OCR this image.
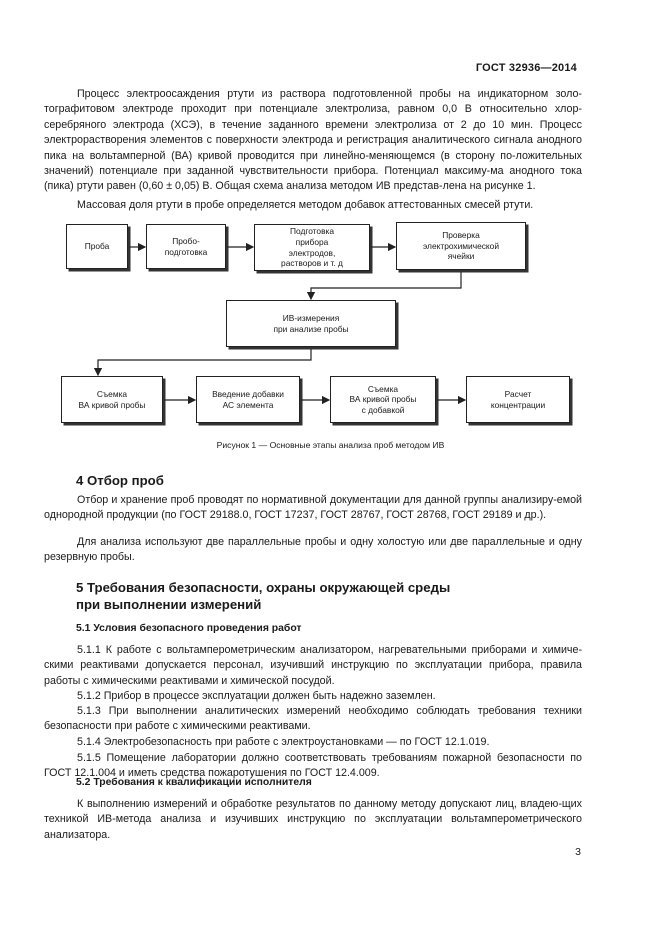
ГОСТ 32936—2014

Процесс электроосаждения ртути из раствора подготовленной пробы на индикаторном золо-тографитовом электроде проходит при потенциале электролиза, равном 0,0 В относительно хлор-серебряного электрода (ХСЭ), в течение заданного времени электролиза от 2 до 10 мин. Процесс электрорастворения элементов с поверхности электрода и регистрация аналитического сигнала анодного пика на вольтамперной (ВА) кривой проводится при линейно-меняющемся (в сторону по-ложительных значений) потенциале при заданной чувствительности прибора. Потенциал максиму-ма анодного тока (пика) ртути равен (0,60 ± 0,05) В. Общая схема анализа методом ИВ представ-лена на рисунке 1.

Массовая доля ртути в пробе определяется методом добавок аттестованных смесей ртути.

Проба
Пробо-
подготовка
Подготовка
прибора
электродов,
растворов и т. д
Проверка
электрохимической
ячейки
ИВ-измерения
при анализе пробы
Съемка
ВА кривой пробы
Введение добавки
АС элемента
Съемка
ВА кривой пробы
с добавкой
Расчет
концентрации
Рисунок 1 — Основные этапы анализа проб методом ИВ
4 Отбор проб

Отбор и хранение проб проводят по нормативной документации для данной группы анализиру-емой однородной продукции (по ГОСТ 29188.0, ГОСТ 17237, ГОСТ 28767, ГОСТ 28768, ГОСТ 29189 и др.).

Для анализа используют две параллельные пробы и одну холостую или две параллельные и одну резервную пробы.

5 Требования безопасности, охраны окружающей среды
при выполнении измерений
5.1 Условия безопасного проведения работ

5.1.1 К работе с вольтамперометрическим анализатором, нагревательными приборами и химиче-скими реактивами допускается персонал, изучивший инструкцию по эксплуатации прибора, правила работы с химическими реактивами и химической посудой.

5.1.2 Прибор в процессе эксплуатации должен быть надежно заземлен.

5.1.3 При выполнении аналитических измерений необходимо соблюдать требования техники безопасности при работе с химическими реактивами.

5.1.4 Электробезопасность при работе с электроустановками — по ГОСТ 12.1.019.

5.1.5 Помещение лаборатории должно соответствовать требованиям пожарной безопасности по ГОСТ 12.1.004 и иметь средства пожаротушения по ГОСТ 12.4.009.

5.2 Требования к квалификации исполнителя

К выполнению измерений и обработке результатов по данному методу допускают лиц, владею-щих техникой ИВ-метода анализа и изучивших инструкцию по эксплуатации вольтамперометрического анализатора.

3
